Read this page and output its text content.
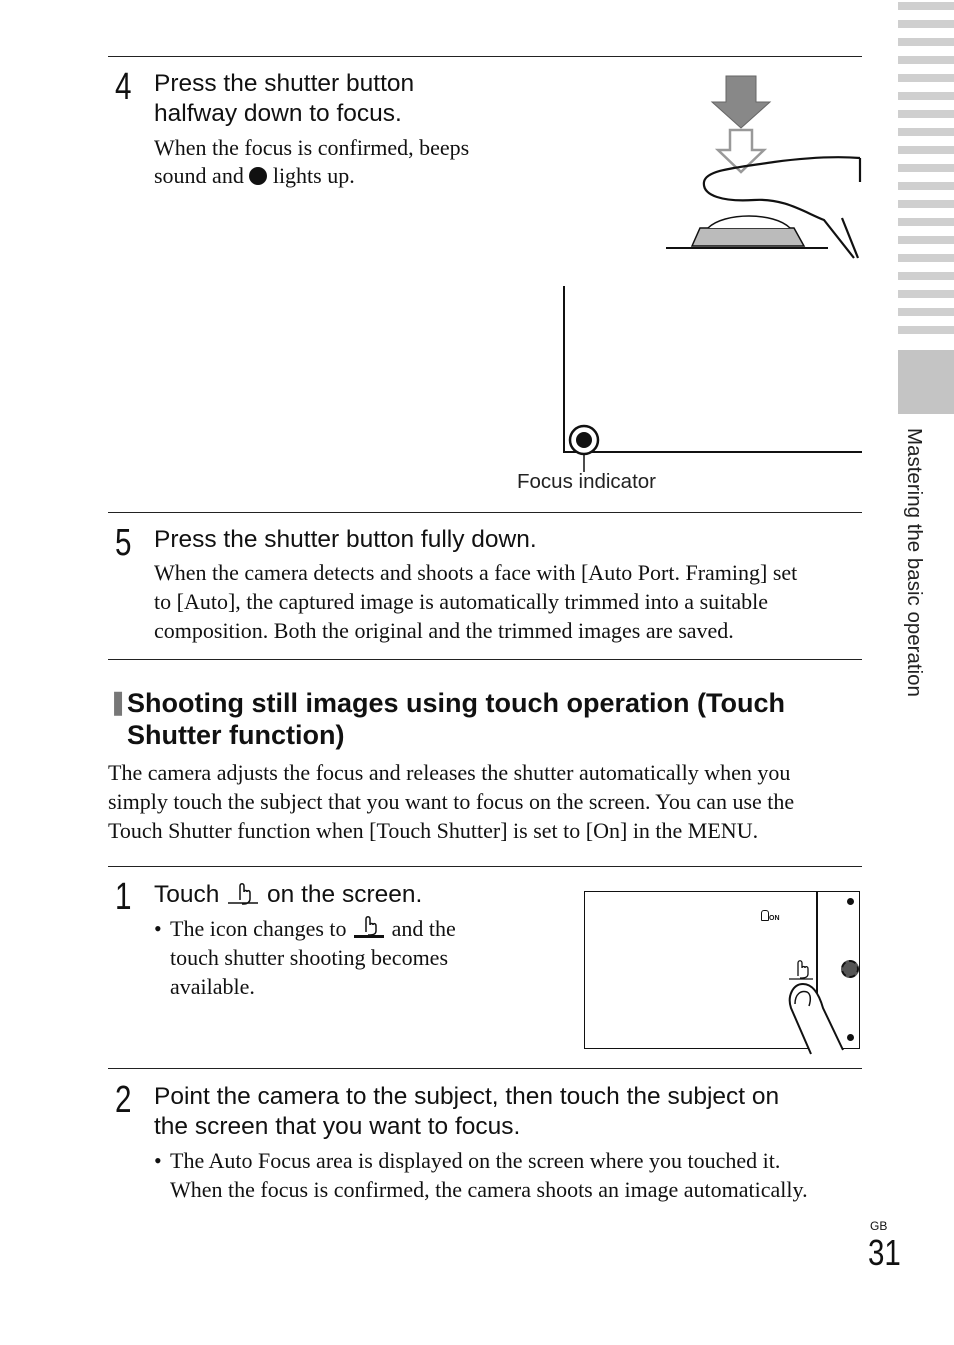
Mastering the basic operation
4 Press the shutter button
halfway down to focus.
When the focus is confirmed, beeps
sound and lights up.
Focus indicator
5 Press the shutter button fully down.
When the camera detects and shoots a face with [Auto Port. Framing] set
to [Auto], the captured image is automatically trimmed into a suitable
composition. Both the original and the trimmed images are saved.
❚
Shooting still images using touch operation (Touch
Shutter function)
The camera adjusts the focus and releases the shutter automatically when you
simply touch the subject that you want to focus on the screen. You can use the
Touch Shutter function when [Touch Shutter] is set to [On] in the MENU.
1 Touch on the screen.
• The icon changes to and the
touch shutter shooting becomes
available.
ON
2 Point the camera to the subject, then touch the subject on
the screen that you want to focus.
• The Auto Focus area is displayed on the screen where you touched it.
When the focus is confirmed, the camera shoots an image automatically.
GB
31
